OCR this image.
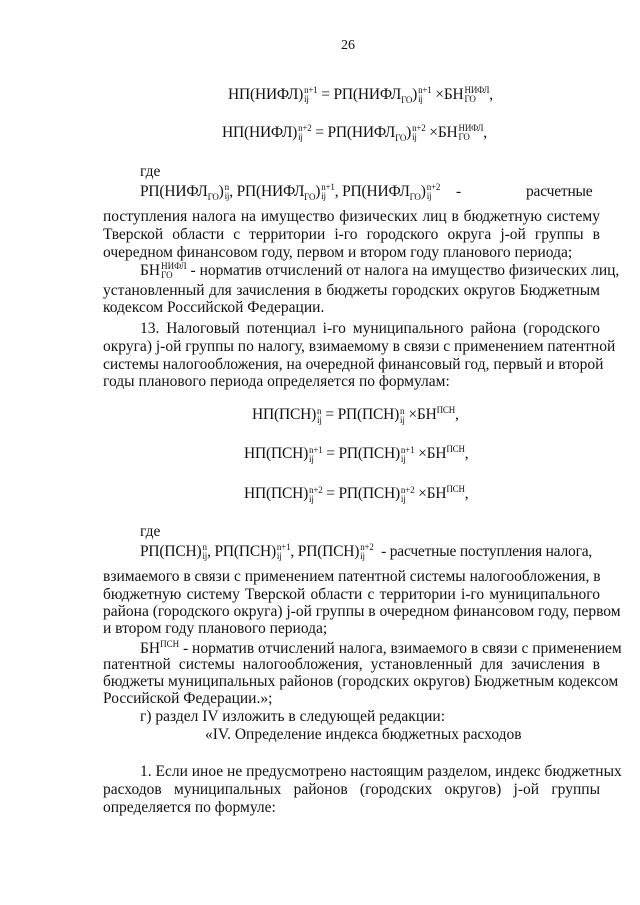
26
НП(НИФЛ) n+1
ij = $РП(НИФЛ_{ГО})$ n+1
ij ×БН НИФЛ
ГО ,
НП(НИФЛ) n+2
ij = $РП(НИФЛ_{ГО})$ n+2
ij ×БН НИФЛ
ГО ,
где
$РП(НИФЛ_{ГО})$ n
ij , $РП(НИФЛ_{ГО})$ n+1
ij , $РП(НИФЛ_{ГО})$ n+2
ij	-	расчетные
поступления налога на имущество физических лиц в бюджетную систему
Тверской области с территории i-го городского округа j-ой группы в
очередном финансовом году, первом и втором году планового периода;
БН НИФЛ
ГО	- норматив отчислений от налога на имущество физических лиц,
установленный для зачисления в бюджеты городских округов Бюджетным
кодексом Российской Федерации.
13. Налоговый потенциал i-го муниципального района (городского
округа) j-ой группы по налогу, взимаемому в связи с применением патентной
системы налогообложения, на очередной финансовый год, первый и второй
годы планового периода определяется по формулам:
НП(ПСН) n
ij = РП(ПСН) n
ij $\times БН^{ПСН}$,
НП(ПСН) n+1
ij = РП(ПСН) n+1
ij $\times БН^{ПСН}$,
НП(ПСН) n+2
ij = РП(ПСН) n+2
ij $\times БН^{ПСН}$,
где
РП(ПСН) n
ij , РП(ПСН) n+1
ij , РП(ПСН) n+2
ij	- расчетные поступления налога,
взимаемого в связи с применением патентной системы налогообложения, в
бюджетную систему Тверской области с территории i-го муниципального
района (городского округа) j-ой группы в очередном финансовом году, первом
и втором году планового периода;
$БН^{ПСН}$ - норматив отчислений налога, взимаемого в связи с применением
патентной системы налогообложения, установленный для зачисления в
бюджеты муниципальных районов (городских округов) Бюджетным кодексом
Российской Федерации.»;
г) раздел IV изложить в следующей редакции:
«IV. Определение индекса бюджетных расходов
1. Если иное не предусмотрено настоящим разделом, индекс бюджетных
расходов муниципальных районов (городских округов) j-ой группы
определяется по формуле:
